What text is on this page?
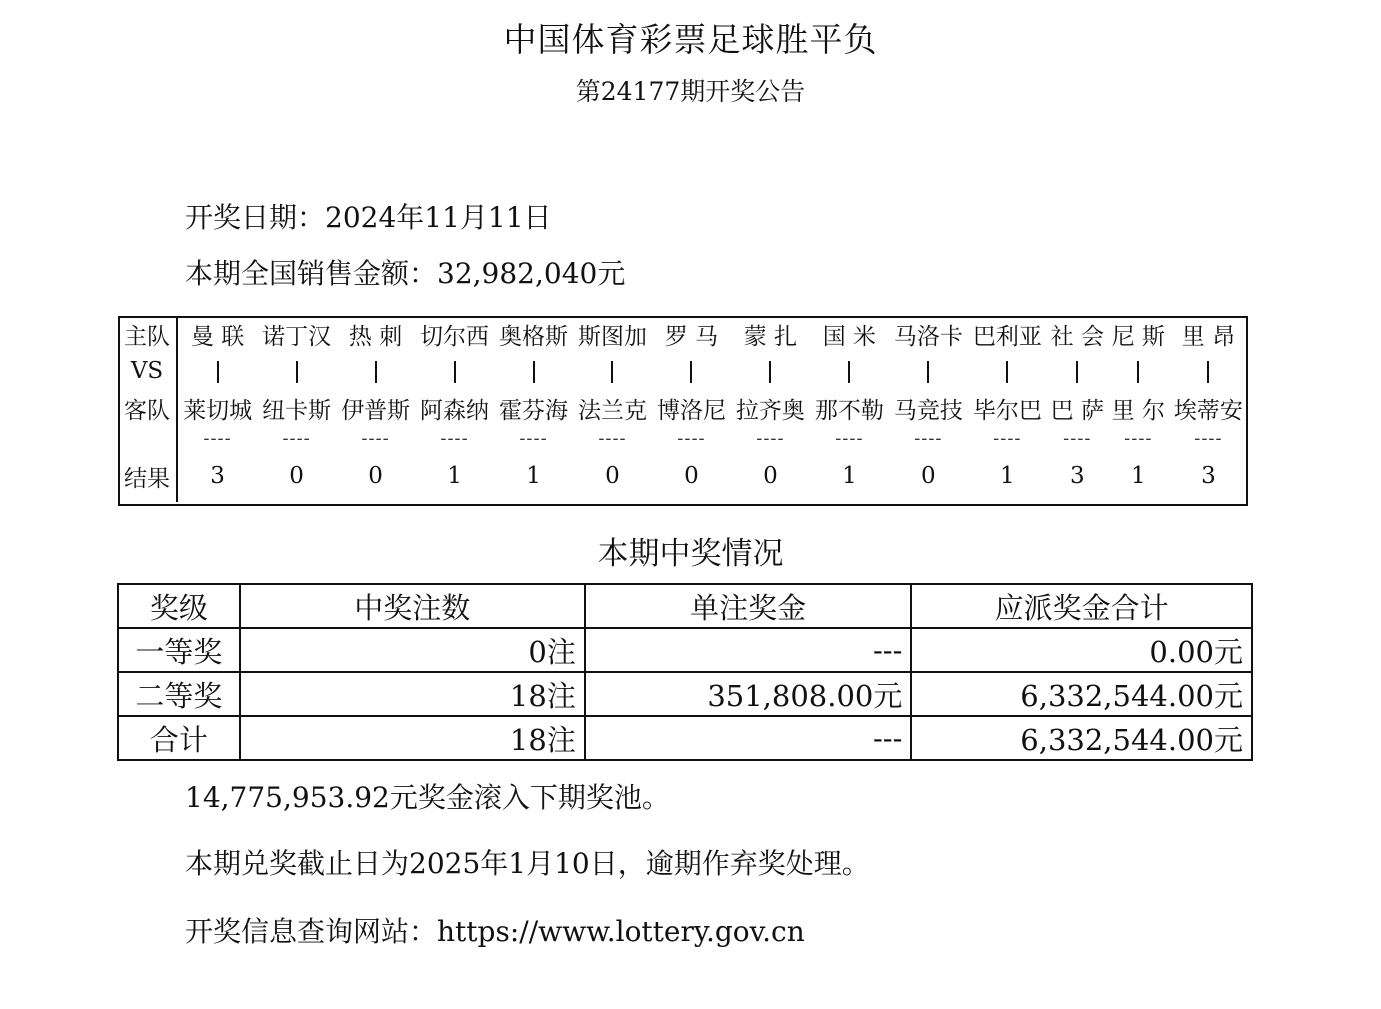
中国体育彩票足球胜平负
第24177期开奖公告
开奖日期：2024年11月11日
本期全国销售金额：32,982,040元
主队	曼 联	诺丁汉	热 刺	切尔西	奥格斯	斯图加	罗 马	蒙 扎	国 米	马洛卡	巴利亚	社 会	尼 斯	里 昂
VS														
客队	莱切城	纽卡斯	伊普斯	阿森纳	霍芬海	法兰克	博洛尼	拉齐奥	那不勒	马竞技	毕尔巴	巴 萨	里 尔	埃蒂安
	----	----	----	----	----	----	----	----	----	----	----	----	----	----
结果	3	0	0	1	1	0	0	0	1	0	1	3	1	3
本期中奖情况
奖级	中奖注数	单注奖金	应派奖金合计
一等奖	0注	---	0.00元
二等奖	18注	351,808.00元	6,332,544.00元
合计	18注	---	6,332,544.00元
14,775,953.92元奖金滚入下期奖池。
本期兑奖截止日为2025年1月10日，逾期作弃奖处理。
开奖信息查询网站：https://www.lottery.gov.cn
